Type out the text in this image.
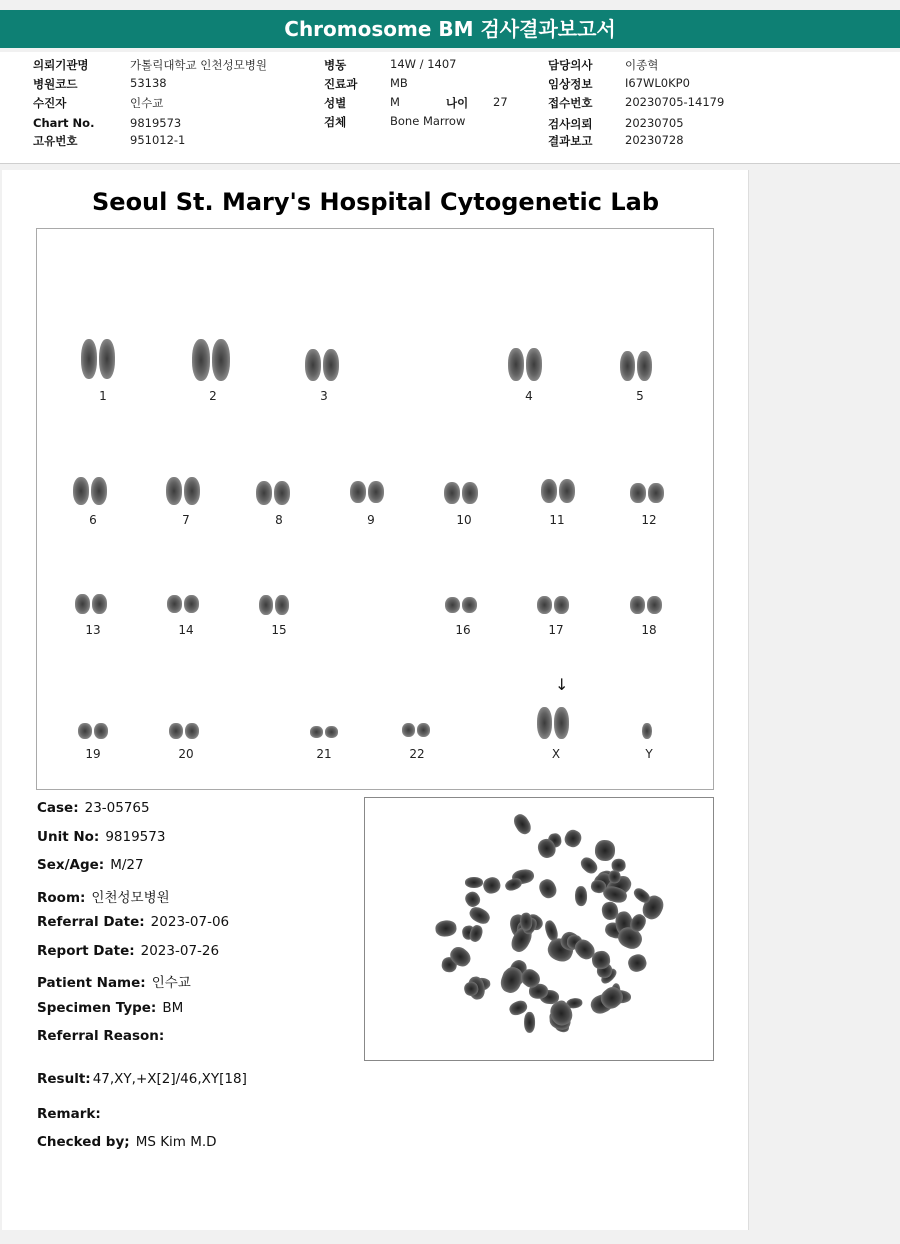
Chromosome BM 검사결과보고서
의뢰기관명	가톨릭대학교 인천성모병원
병원코드	53138
수진자	인수교
Chart No.	9819573
고유번호	951012-1
병동	14W / 1407
진료과	MB
성별	M	나이 27
검체	Bone Marrow
담당의사	이종혁
임상정보	I67WL0KP0
접수번호	20230705-14179
검사의뢰	20230705
결과보고	20230728
Seoul St. Mary's Hospital Cytogenetic Lab
↓
1	2	3	4	5
6	7	8	9	10	11	12
13	14	15	16	17	18
19	20	21	22	X	Y
Case: 23-05765
Unit No: 9819573
Sex/Age: M/27
Room: 인천성모병원
Referral Date: 2023-07-06
Report Date: 2023-07-26
Patient Name: 인수교
Specimen Type: BM
Referral Reason:
Result: 47,XY,+X[2]/46,XY[18]
Remark:
Checked by; MS Kim M.D
